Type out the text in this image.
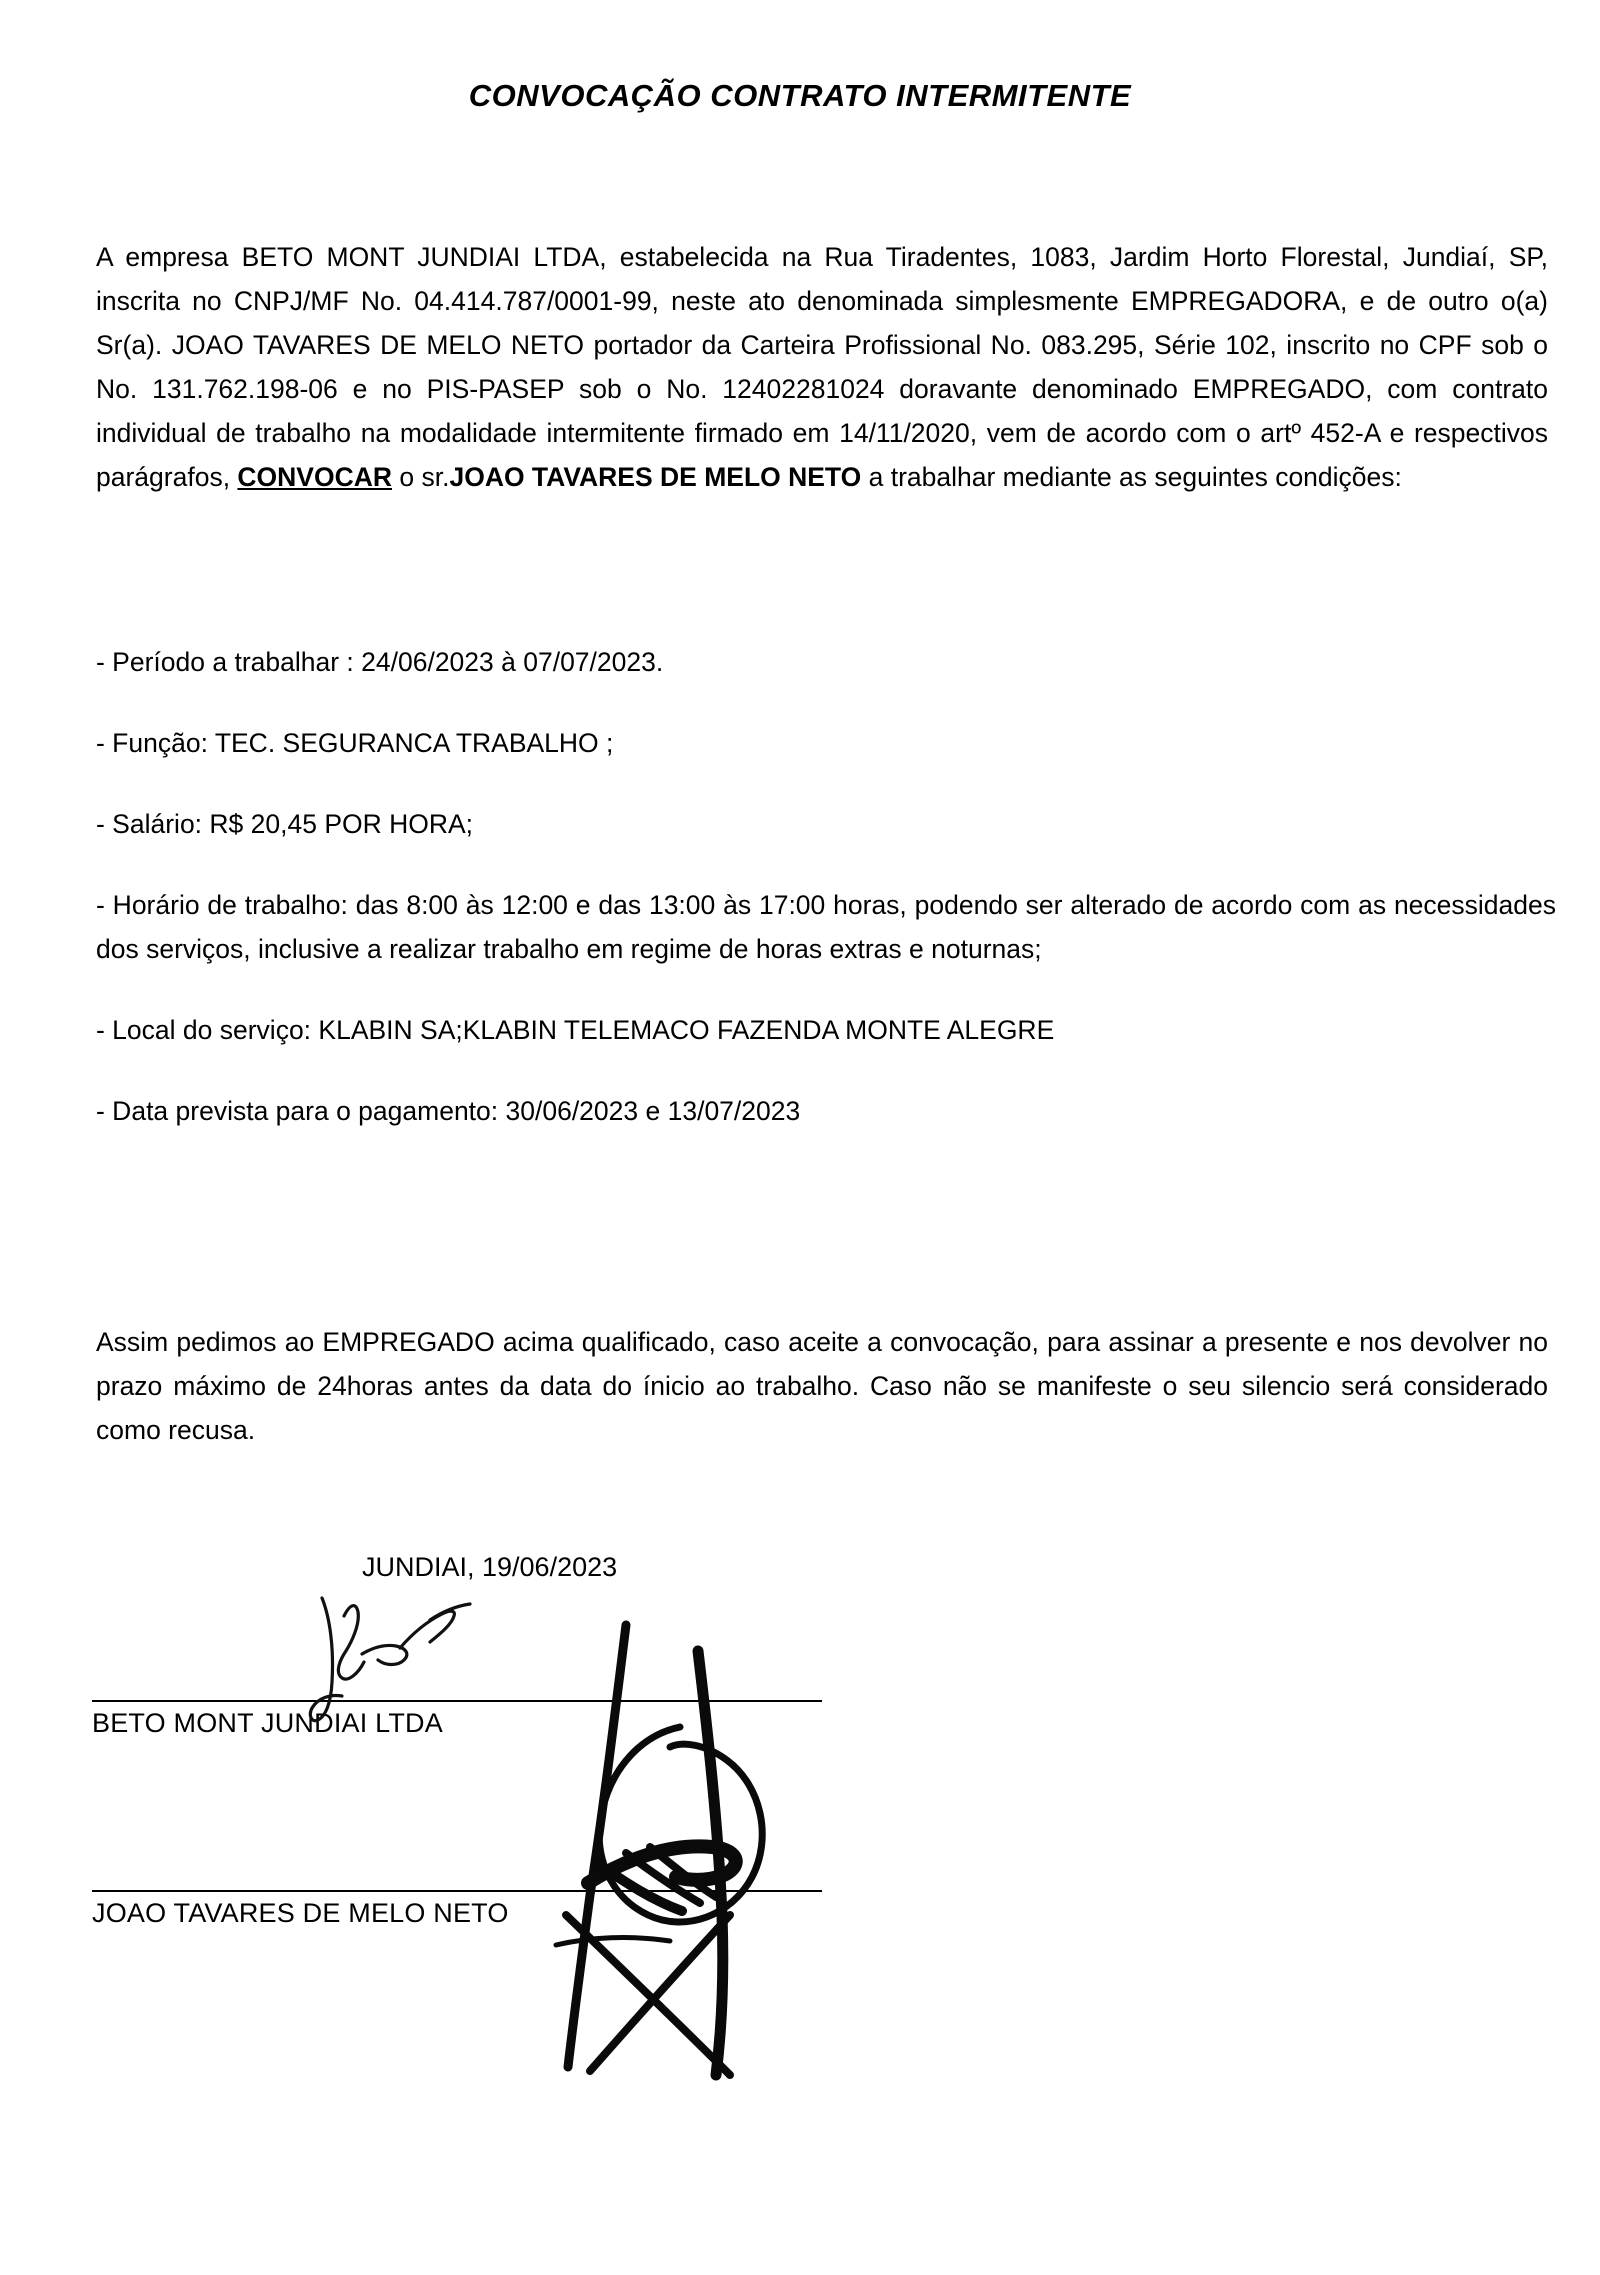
CONVOCAÇÃO CONTRATO INTERMITENTE

A empresa BETO MONT JUNDIAI LTDA, estabelecida na Rua Tiradentes, 1083, Jardim Horto Florestal, Jundiaí, SP, inscrita no CNPJ/MF No. 04.414.787/0001-99, neste ato denominada simplesmente EMPREGADORA, e de outro o(a) Sr(a). JOAO TAVARES DE MELO NETO portador da Carteira Profissional No. 083.295, Série 102, inscrito no CPF sob o No. 131.762.198-06 e no PIS-PASEP sob o No. 12402281024 doravante denominado EMPREGADO, com contrato individual de trabalho na modalidade intermitente firmado em 14/11/2020, vem de acordo com o artº 452-A e respectivos parágrafos, CONVOCAR o sr.JOAO TAVARES DE MELO NETO a trabalhar mediante as seguintes condições:

- Período a trabalhar : 24/06/2023 à 07/07/2023.
- Função: TEC. SEGURANCA TRABALHO ;
- Salário: R$ 20,45 POR HORA;
- Horário de trabalho: das 8:00 às 12:00 e das 13:00 às 17:00 horas, podendo ser alterado de acordo com as necessidades dos serviços, inclusive a realizar trabalho em regime de horas extras e noturnas;
- Local do serviço: KLABIN SA;KLABIN TELEMACO FAZENDA MONTE ALEGRE
- Data prevista para o pagamento: 30/06/2023 e 13/07/2023
Assim pedimos ao EMPREGADO acima qualificado, caso aceite a convocação, para assinar a presente e nos devolver no prazo máximo de 24horas antes da data do ínicio ao trabalho. Caso não se manifeste o seu silencio será considerado como recusa.
JUNDIAI, 19/06/2023
BETO MONT JUNDIAI LTDA
JOAO TAVARES DE MELO NETO
